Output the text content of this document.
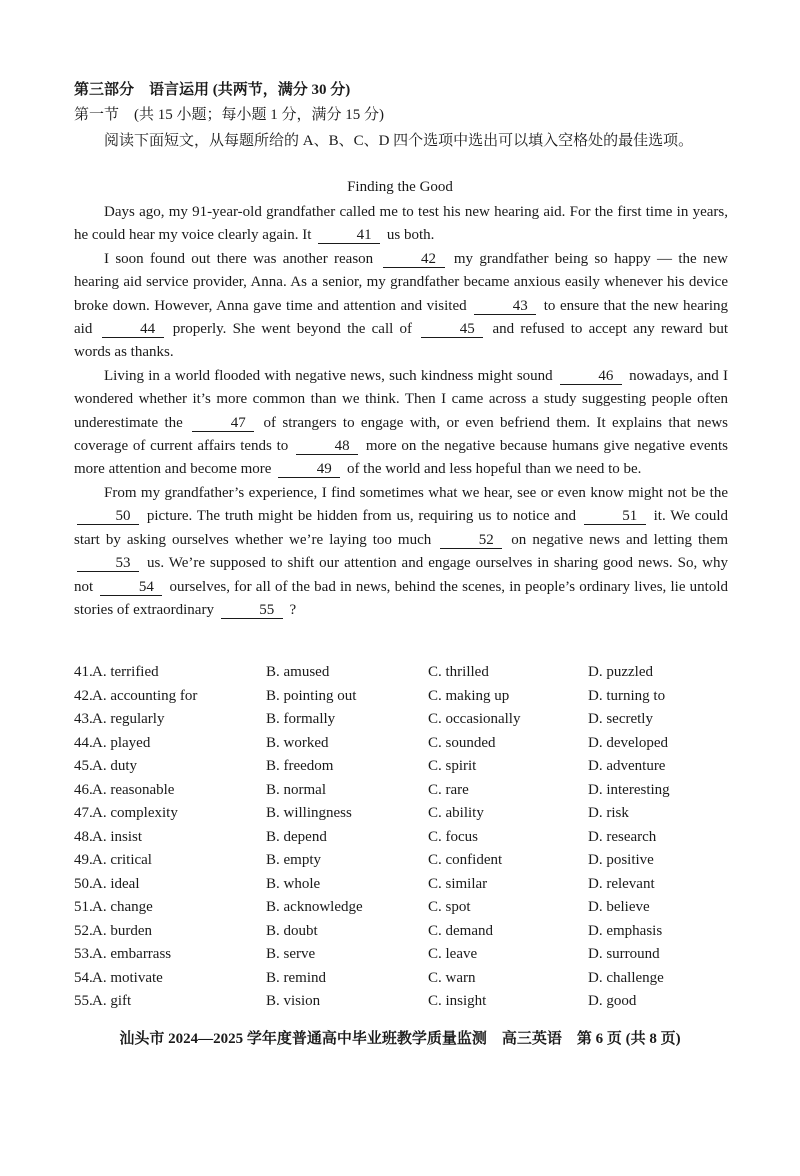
第三部分　语言运用 (共两节，满分 30 分)
第一节　(共 15 小题；每小题 1 分，满分 15 分)
阅读下面短文，从每题所给的 A、B、C、D 四个选项中选出可以填入空格处的最佳选项。
Finding the Good

Days ago, my 91-year-old grandfather called me to test his new hearing aid. For the first time in years, he could hear my voice clearly again. It	41 us both.

I soon found out there was another reason	42 my grandfather being so happy — the new hearing aid service provider, Anna. As a senior, my grandfather became anxious easily whenever his device broke down. However, Anna gave time and attention and visited	43 to ensure that the new hearing aid	44 properly. She went beyond the call of	45 and refused to accept any reward but words as thanks.

Living in a world flooded with negative news, such kindness might sound	46 nowadays, and I wondered whether it’s more common than we think. Then I came across a study suggesting people often underestimate the	47 of strangers to engage with, or even befriend them. It explains that news coverage of current affairs tends to	48 more on the negative because humans give negative events more attention and become more	49 of the world and less hopeful than we need to be.

From my grandfather’s experience, I find sometimes what we hear, see or even know might not be the 50 picture. The truth might be hidden from us, requiring us to notice and	51 it. We could start by asking ourselves whether we’re laying too much	52 on negative news and letting them 53 us. We’re supposed to shift our attention and engage ourselves in sharing good news. So, why not	54 ourselves, for all of the bad in news, behind the scenes, in people’s ordinary lives, lie untold stories of extraordinary	55 ?

41. A. terrified	B. amused	C. thrilled	D. puzzled
42. A. accounting for	B. pointing out	C. making up	D. turning to
43. A. regularly	B. formally	C. occasionally	D. secretly
44. A. played	B. worked	C. sounded	D. developed
45. A. duty	B. freedom	C. spirit	D. adventure
46. A. reasonable	B. normal	C. rare	D. interesting
47. A. complexity	B. willingness	C. ability	D. risk
48. A. insist	B. depend	C. focus	D. research
49. A. critical	B. empty	C. confident	D. positive
50. A. ideal	B. whole	C. similar	D. relevant
51. A. change	B. acknowledge	C. spot	D. believe
52. A. burden	B. doubt	C. demand	D. emphasis
53. A. embarrass	B. serve	C. leave	D. surround
54. A. motivate	B. remind	C. warn	D. challenge
55. A. gift	B. vision	C. insight	D. good
汕头市 2024—2025 学年度普通高中毕业班教学质量监测　高三英语　第 6 页 (共 8 页)
